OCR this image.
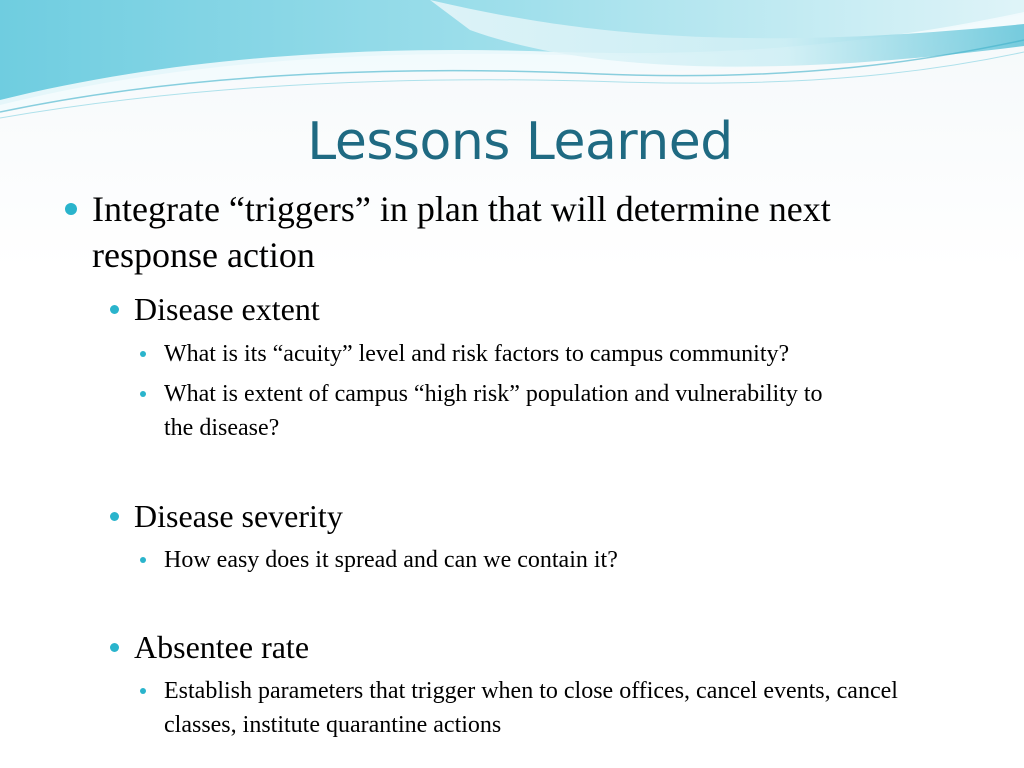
Lessons Learned
Integrate “triggers” in plan that will determine next response action
Disease extent
What is its “acuity” level and risk factors to campus community?
What is extent of campus “high risk” population and vulnerability to the disease?
Disease severity
How easy does it spread and can we contain it?
Absentee rate
Establish parameters that trigger when to close offices, cancel events, cancel classes, institute quarantine actions
